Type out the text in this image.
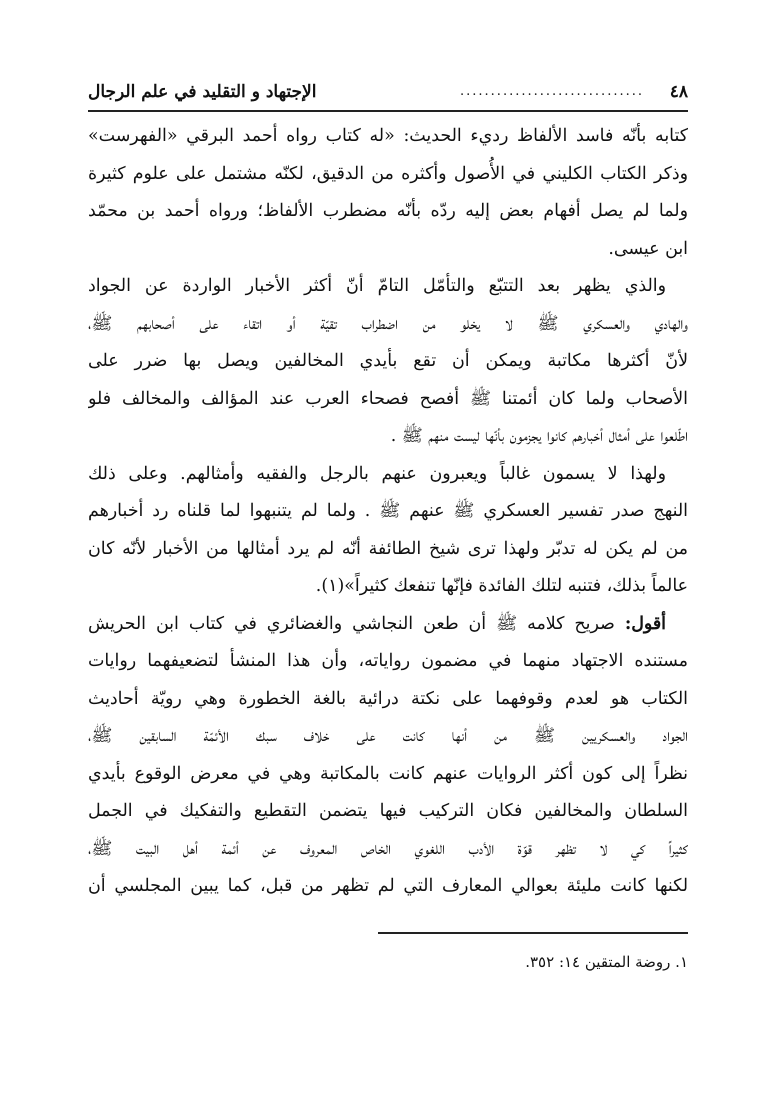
٤٨
..............................
الإجتهاد و التقليد في علم الرجال
كتابه بأنّه فاسد الألفاظ رديء الحديث: «له كتاب رواه أحمد البرقي «الفهرست»
وذكر الكتاب الكليني في الأُصول وأكثره من الدقيق، لكنّه مشتمل على علوم كثيرة
ولما لم يصل أفهام بعض إليه ردّه بأنّه مضطرب الألفاظ؛ ورواه أحمد بن محمّد
ابن عيسى.
والذي يظهر بعد التتبّع والتأمّل التامّ أنّ أكثر الأخبار الواردة عن الجواد
والهادي والعسكري ﷺ لا يخلو من اضطراب تقيّة أو اتقاء على أصحابهم ﷺ،
لأنّ أكثرها مكاتبة ويمكن أن تقع بأيدي المخالفين ويصل بها ضرر على
الأصحاب ولما كان أئمتنا ﷺ أفصح فصحاء العرب عند المؤالف والمخالف فلو
اطّلعوا على أمثال أخبارهم كانوا يجزمون بأنّها ليست منهم ﷺ .
ولهذا لا يسمون غالباً ويعبرون عنهم بالرجل والفقيه وأمثالهم. وعلى ذلك
النهج صدر تفسير العسكري ﷺ عنهم ﷺ . ولما لم يتنبهوا لما قلناه رد أخبارهم
من لم يكن له تدبّر ولهذا ترى شيخ الطائفة أنّه لم يرد أمثالها من الأخبار لأنّه كان
عالماً بذلك، فتنبه لتلك الفائدة فإنّها تنفعك كثيراً»(١).
أقول: صريح كلامه ﷺ أن طعن النجاشي والغضائري في كتاب ابن الحريش
مستنده الاجتهاد منهما في مضمون رواياته، وأن هذا المنشأ لتضعيفهما روايات
الكتاب هو لعدم وقوفهما على نكتة درائية بالغة الخطورة وهي رويّة أحاديث
الجواد والعسكريين ﷺ من أنها كانت على خلاف سبك الأئمّة السابقين ﷺ،
نظراً إلى كون أكثر الروايات عنهم كانت بالمكاتبة وهي في معرض الوقوع بأيدي
السلطان والمخالفين فكان التركيب فيها يتضمن التقطيع والتفكيك في الجمل
كثيراً كي لا تظهر قوّة الأدب اللغوي الخاص المعروف عن أئمة أهل البيت ﷺ،
لكنها كانت مليئة بعوالي المعارف التي لم تظهر من قبل، كما يبين المجلسي أن
١. روضة المتقين ١٤: ٣٥٢.
